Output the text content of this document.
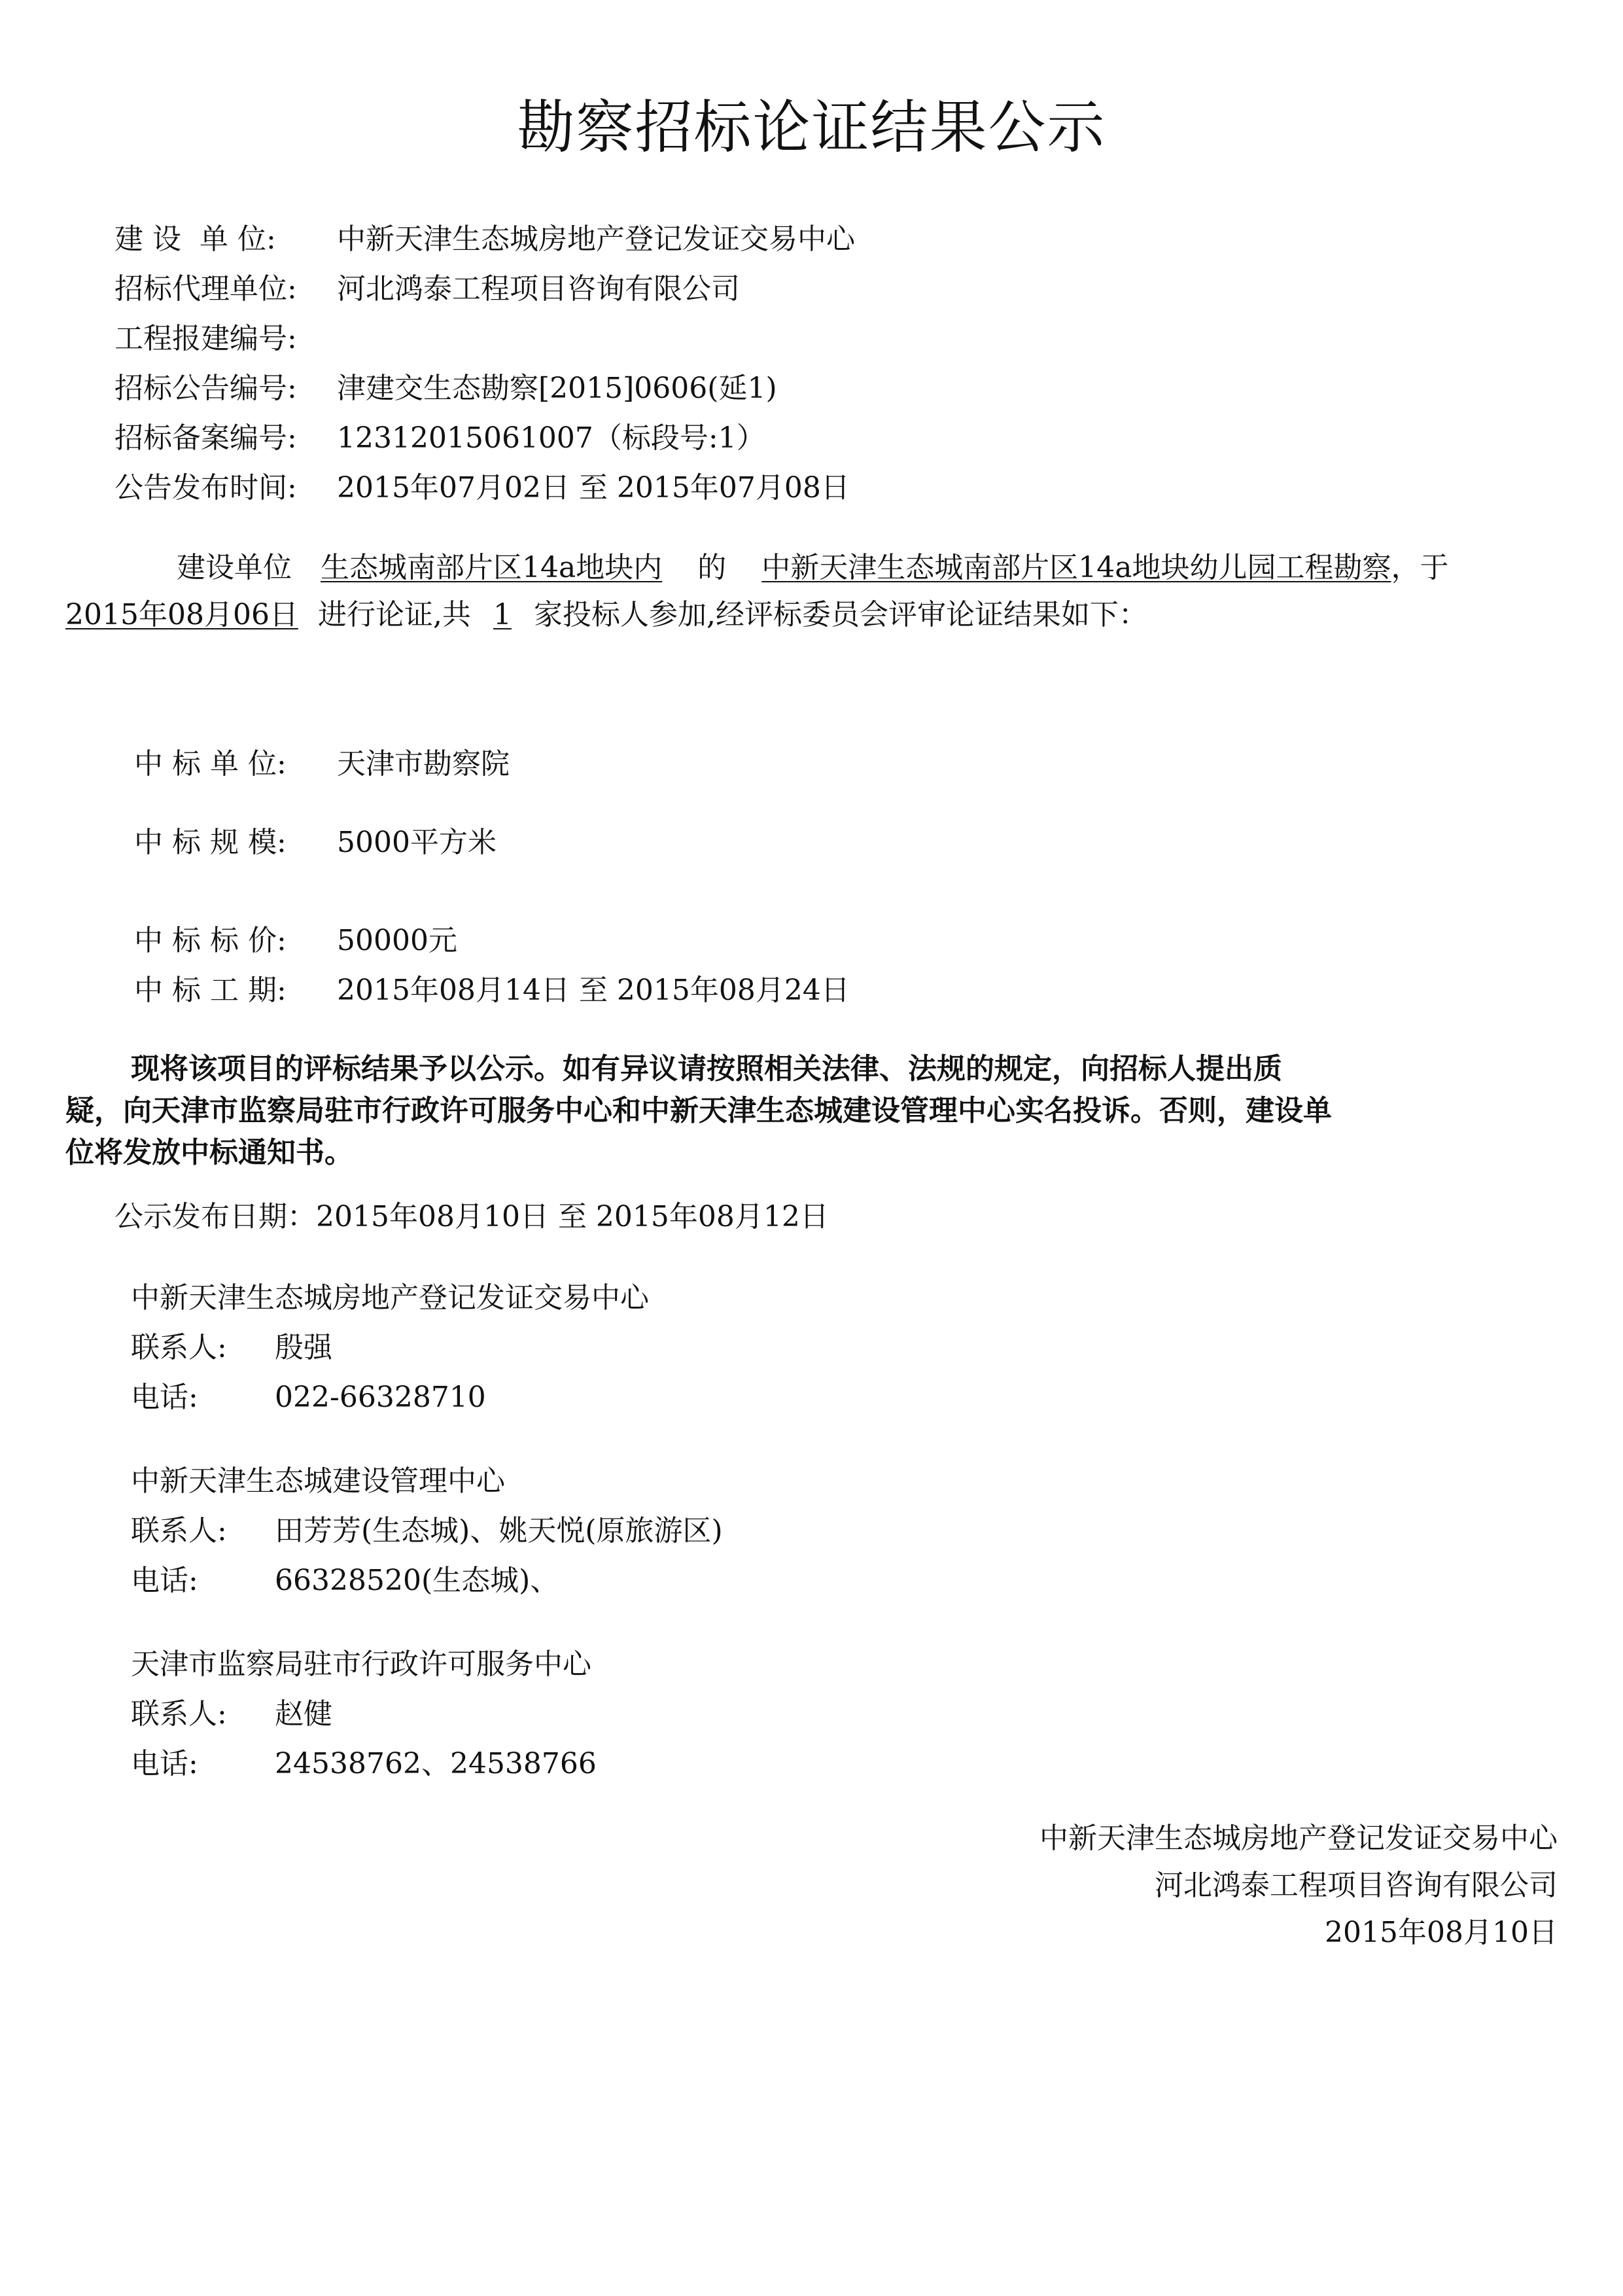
勘察招标论证结果公示
建 设  单 位: 中新天津生态城房地产登记发证交易中心
招标代理单位: 河北鸿泰工程项目咨询有限公司
工程报建编号:
招标公告编号: 津建交生态勘察[2015]0606(延1)
招标备案编号: 12312015061007（标段号:1）
公告发布时间: 2015年07月02日 至 2015年07月08日
建设单位 生态城南部片区14a地块内 的 中新天津生态城南部片区14a地块幼儿园工程勘察，于
2015年08月06日 进行论证,共 1 家投标人参加,经评标委员会评审论证结果如下：
中 标 单 位: 天津市勘察院
中 标 规 模: 5000平方米
中 标 标 价: 50000元
中 标 工 期: 2015年08月14日 至 2015年08月24日
现将该项目的评标结果予以公示。如有异议请按照相关法律、法规的规定，向招标人提出质
疑，向天津市监察局驻市行政许可服务中心和中新天津生态城建设管理中心实名投诉。否则，建设单
位将发放中标通知书。
公示发布日期：2015年08月10日 至 2015年08月12日
中新天津生态城房地产登记发证交易中心
联系人: 殷强
电话:	022-66328710
中新天津生态城建设管理中心
联系人: 田芳芳(生态城)、姚天悦(原旅游区)
电话:	66328520(生态城)、
天津市监察局驻市行政许可服务中心
联系人: 赵健
电话:	24538762、24538766
中新天津生态城房地产登记发证交易中心
河北鸿泰工程项目咨询有限公司
2015年08月10日
